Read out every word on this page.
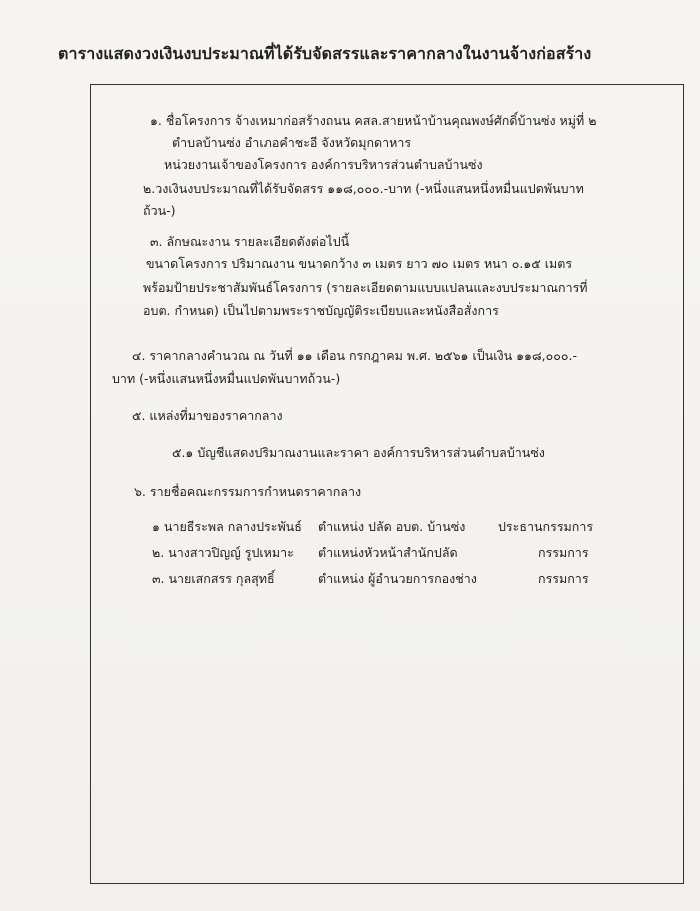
ตารางแสดงวงเงินงบประมาณที่ได้รับจัดสรรและราคากลางในงานจ้างก่อสร้าง
๑. ชื่อโครงการ จ้างเหมาก่อสร้างถนน คสล.สายหน้าบ้านคุณพงษ์ศักดิ์บ้านซ่ง หมู่ที่ ๒
ตำบลบ้านซ่ง อำเภอคำชะอี จังหวัดมุกดาหาร
หน่วยงานเจ้าของโครงการ องค์การบริหารส่วนตำบลบ้านซ่ง
๒.วงเงินงบประมาณที่ได้รับจัดสรร ๑๑๘,๐๐๐.-บาท (-หนึ่งแสนหนึ่งหมื่นแปดพันบาท
ถ้วน-)
๓. ลักษณะงาน รายละเอียดดังต่อไปนี้
ขนาดโครงการ ปริมาณงาน ขนาดกว้าง ๓ เมตร ยาว ๗๐ เมตร หนา ๐.๑๕ เมตร
พร้อมป้ายประชาสัมพันธ์โครงการ (รายละเอียดตามแบบแปลนและงบประมาณการที่
อบต. กำหนด) เป็นไปตามพระราชบัญญัติระเบียบและหนังสือสั่งการ
๔. ราคากลางคำนวณ ณ วันที่ ๑๑ เดือน กรกฎาคม พ.ศ. ๒๕๖๑ เป็นเงิน ๑๑๘,๐๐๐.-
บาท (-หนึ่งแสนหนึ่งหมื่นแปดพันบาทถ้วน-)
๕. แหล่งที่มาของราคากลาง
๕.๑ บัญชีแสดงปริมาณงานและราคา องค์การบริหารส่วนตำบลบ้านซ่ง
๖. รายชื่อคณะกรรมการกำหนดราคากลาง
๑ นายธีระพล กลางประพันธ์ ตำแหน่ง ปลัด อบต. บ้านซ่ง	ประธานกรรมการ
๒. นางสาวปิญญ์ รูปเหมาะ ตำแหน่งหัวหน้าสำนักปลัด	กรรมการ
๓. นายเสกสรร กุลสุทธิ์	ตำแหน่ง ผู้อำนวยการกองช่าง	กรรมการ
